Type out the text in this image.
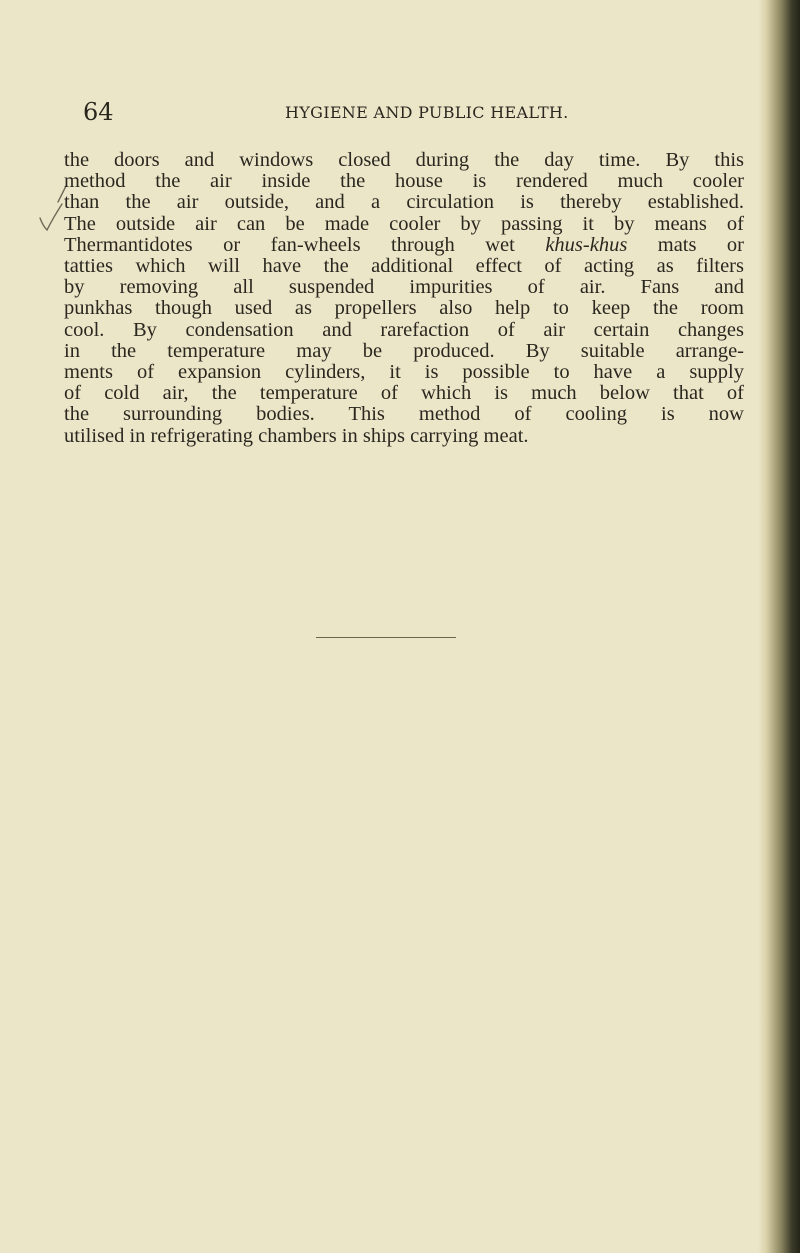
64	HYGIENE AND PUBLIC HEALTH.
the doors and windows closed during the day time. By this
method the air inside the house is rendered much cooler
than the air outside, and a circulation is thereby established.
The outside air can be made cooler by passing it by means of
Thermantidotes or fan-wheels through wet khus-khus mats or
tatties which will have the additional effect of acting as filters
by removing all suspended impurities of air. Fans and
punkhas though used as propellers also help to keep the room
cool. By condensation and rarefaction of air certain changes
in the temperature may be produced. By suitable arrange-
ments of expansion cylinders, it is possible to have a supply
of cold air, the temperature of which is much below that of
the surrounding bodies. This method of cooling is now
utilised in refrigerating chambers in ships carrying meat.
